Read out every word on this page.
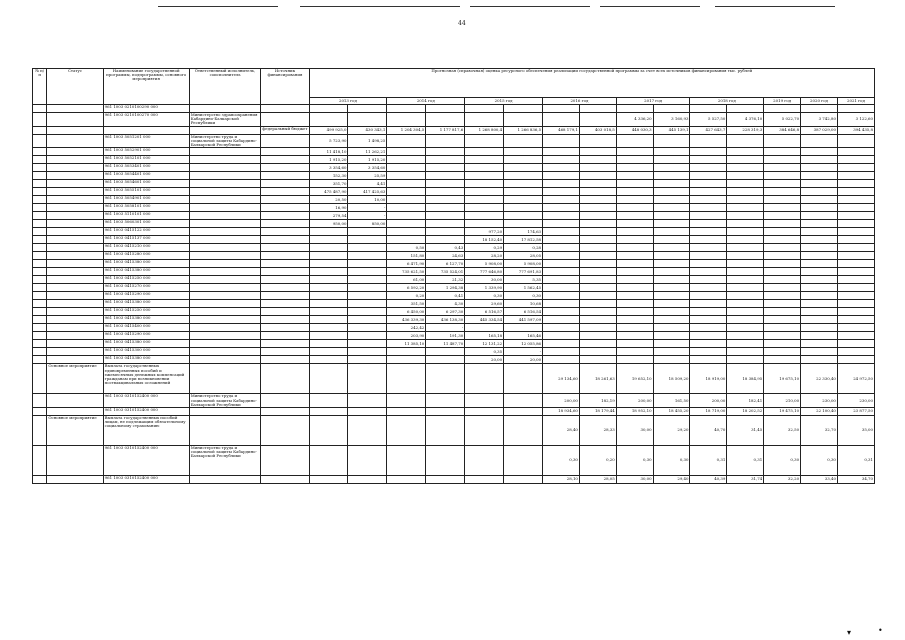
44
№ п/п	Статус	Наименование государственной программы, подпрограммы, основного мероприятия	Ответственный исполнитель, соисполнитель	Источник финансирования	Прогнозная (справочная) оценка ресурсного обеспечения реализации государственной программы за счет всех источников финансирования тыс. рублей														
					2013 год		2014 год		2015 год		2016 год		2017 год		2018 год		2019 год	2020 год	2021 год
		961 1003 0210100290 000																	
		961 1003 0210100270 000	Министерство здравоохранения Кабардино-Балкарской Республики										4 336,20	3 160,93	5 527,50	4 376,10	5 022,70	3 742,80	3 122,60
				федеральный бюджет	499 925,0	430 343,1	1 204 304,5	1 177 817,6	1 268 800,4	1 266 836,5	468 179,1	403 018,5	448 030,3	445 139,1	427 643,7	228 319,3	384 646,8	387 029,00	394 435,8
		961 1003 5051201 000	Министерство труда и социальной защиты Кабардино-Балкарской Республики		5 723,90	1 498,25													
		961 1003 5052901 000			11 418,10	11 262,21													
		961 1003 5052101 000			1 915,20	1 915,20													
		961 1003 5053401 000			3 354,60	3 354,60													
		961 1003 5054401 000			152,30	25,59													
		961 1003 5054601 000			351,70	4,41													
		961 1003 5055101 000			475 487,90	417 425,63													
		961 1003 5054901 000			20,50	10,00													
		961 1003 5058101 000			16,90	-													
		961 1003 5110101 000			279,54	-													
		961 1003 5060301 000			950,00	850,00													
		961 1003 0415122 000							977,20	174,63									
		961 1003 0415137 000							18 152,40	17 812,58									
		961 1003 0415210 000					0,50	0,43	0,29	0,28									
		961 1003 0415280 000					151,80	24,63	28,20	28,05									
		961 1003 0415380 000					6 471,90	6 127,70	5 908,00	5 908,00									
		961 1003 0415380 000					735 621,50	735 524,01	777 646,80	777 691,83									
		961 1003 0415250 000					61,00	21,32	30,00	5,35									
		961 1003 0415270 000					6 592,20	1 294,38	1 339,90	1 562,45									
		961 1003 0415290 000					0,20	0,41	0,30	0,30									
		961 1003 0415380 000					351,50	4,30	29,60	10,68									
		961 1003 0415250 000					6 450,00	6 297,30	6 516,57	6 516,54									
		961 1003 0415380 000					436 339,30	436 138,30	445 334,54	441 597,09									
		961 1003 0415400 000					242,42	-											
		961 1003 0415290 000					203,90	191,30	165,18	165,46									
		961 1003 0415380 000					11 385,10	11 487,70	12 131,22	12 055,86									
		961 1003 0415300 000							0,35	-									
		961 1003 0415380 000							20,00	20,00									
	Основное мероприятие	Выплата государственных единовременных пособий и ежемесячных денежных компенсаций гражданам при возникновении поствакцинальных осложнений									29 134,60	18 261,63	19 652,10	18 509,20	18 919,00	18 384,95	19 675,10	22 330,40	24 972,50
		961 1003 0310152400 000	Министерство труда и социальной защиты Кабардино-Балкарской Республики								200,00	182,19	200,00	161,50	200,00	182,41	210,00	230,00	230,00
		961 1003 0310152400 000									18 934,60	18 179,44	18 952,10	18 455,20	18 719,00	18 202,52	19 475,10	22 100,40	23 877,50
	Основное мероприятие	Выплата государственных пособий лицам, не подлежащим обязательному социальному страхованию									28,40	28,33	30,00	29,20	40,70	31,45	32,50	32,70	35,00
		961 1003 0310152400 000	Министерство труда и социальной защиты Кабардино-Балкарской Республики								0,30	0,20	0,30	0,30	0,31	0,31	0,30	0,30	0,31
		961 1003 0310152400 000									28,10	28,05	30,00	29,40	40,39	31,74	32,20	33,40	34,70
▾	•
